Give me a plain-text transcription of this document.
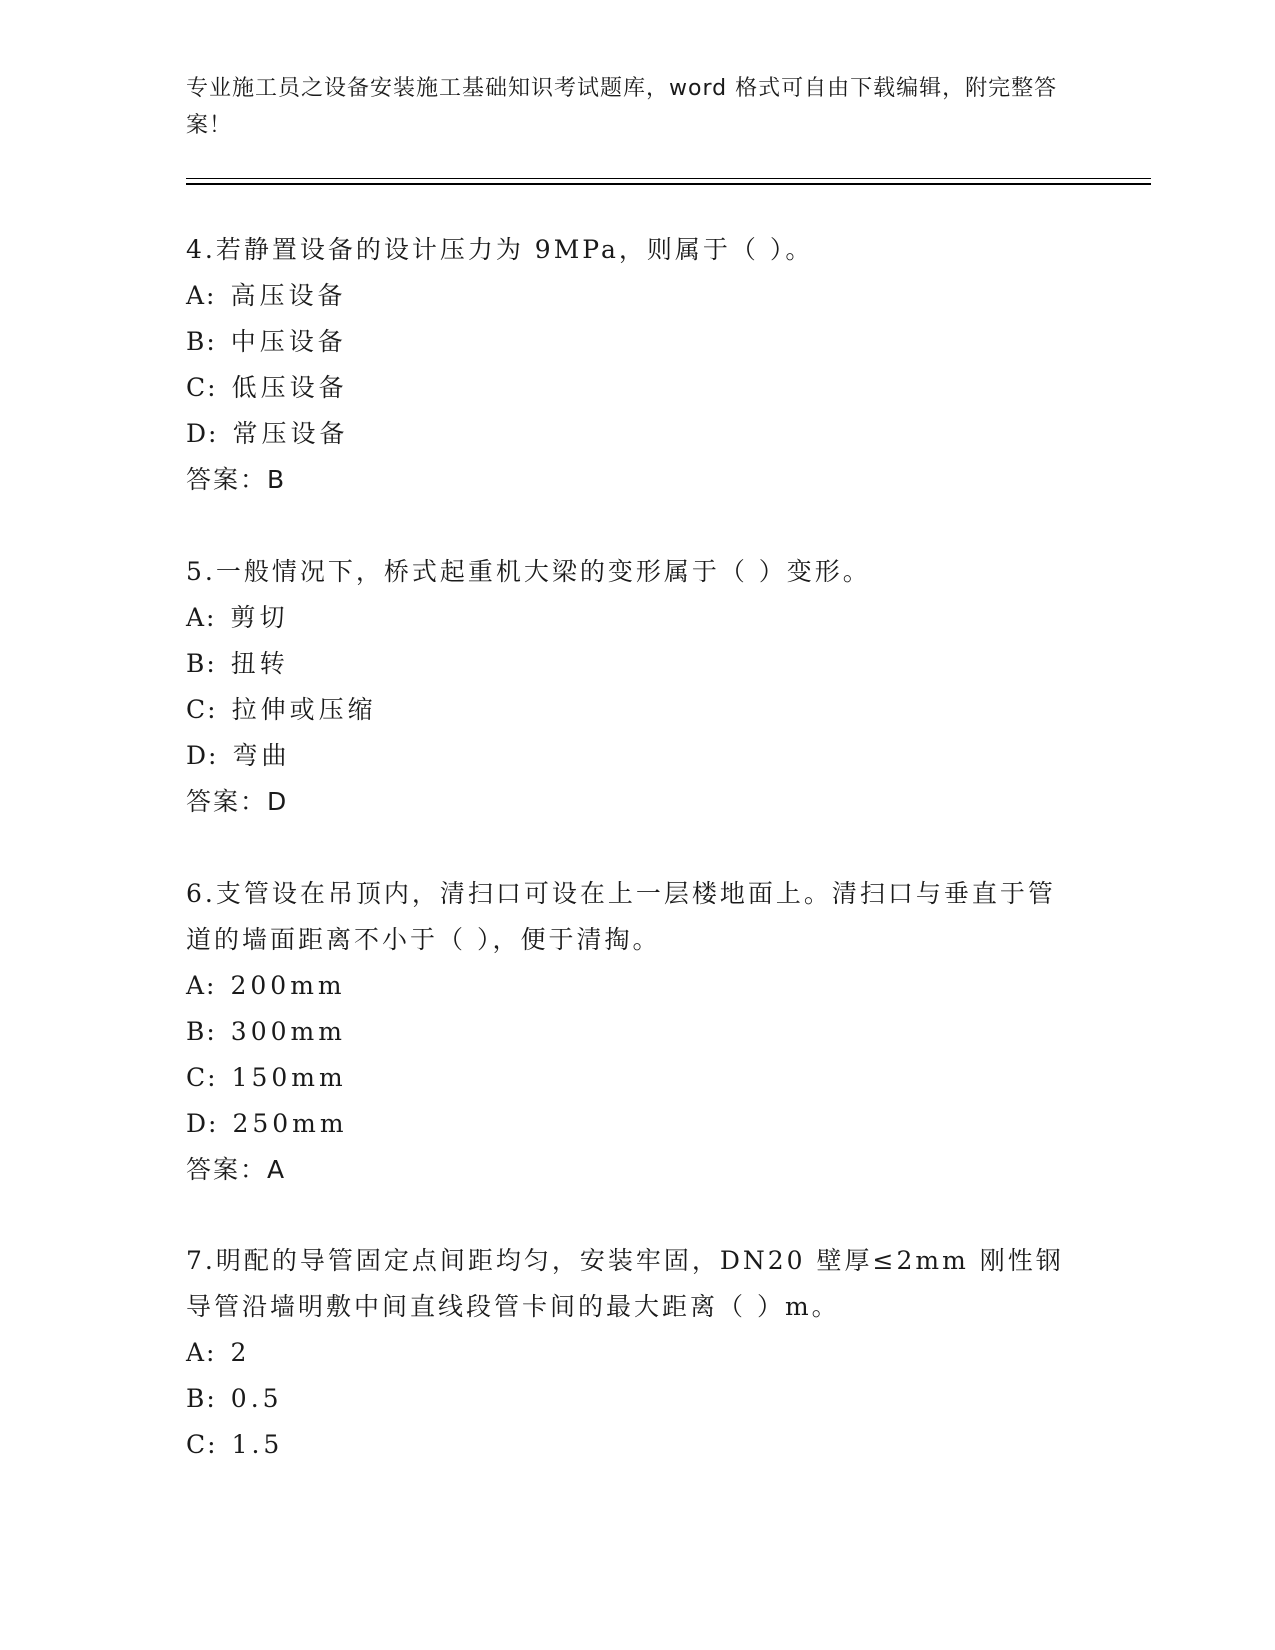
专业施工员之设备安装施工基础知识考试题库，word 格式可自由下载编辑，附完整答案！

4.若静置设备的设计压力为 9MPa，则属于（ ）。

A: 高压设备

B: 中压设备

C: 低压设备

D: 常压设备

答案：B

5.一般情况下，桥式起重机大梁的变形属于（ ）变形。

A: 剪切

B: 扭转

C: 拉伸或压缩

D: 弯曲

答案：D

6.支管设在吊顶内，清扫口可设在上一层楼地面上。清扫口与垂直于管道的墙面距离不小于（ ），便于清掏。

A: 200mm

B: 300mm

C: 150mm

D: 250mm

答案：A

7.明配的导管固定点间距均匀，安装牢固，DN20 壁厚≤2mm 刚性钢导管沿墙明敷中间直线段管卡间的最大距离（ ）m。

A: 2

B: 0.5

C: 1.5
